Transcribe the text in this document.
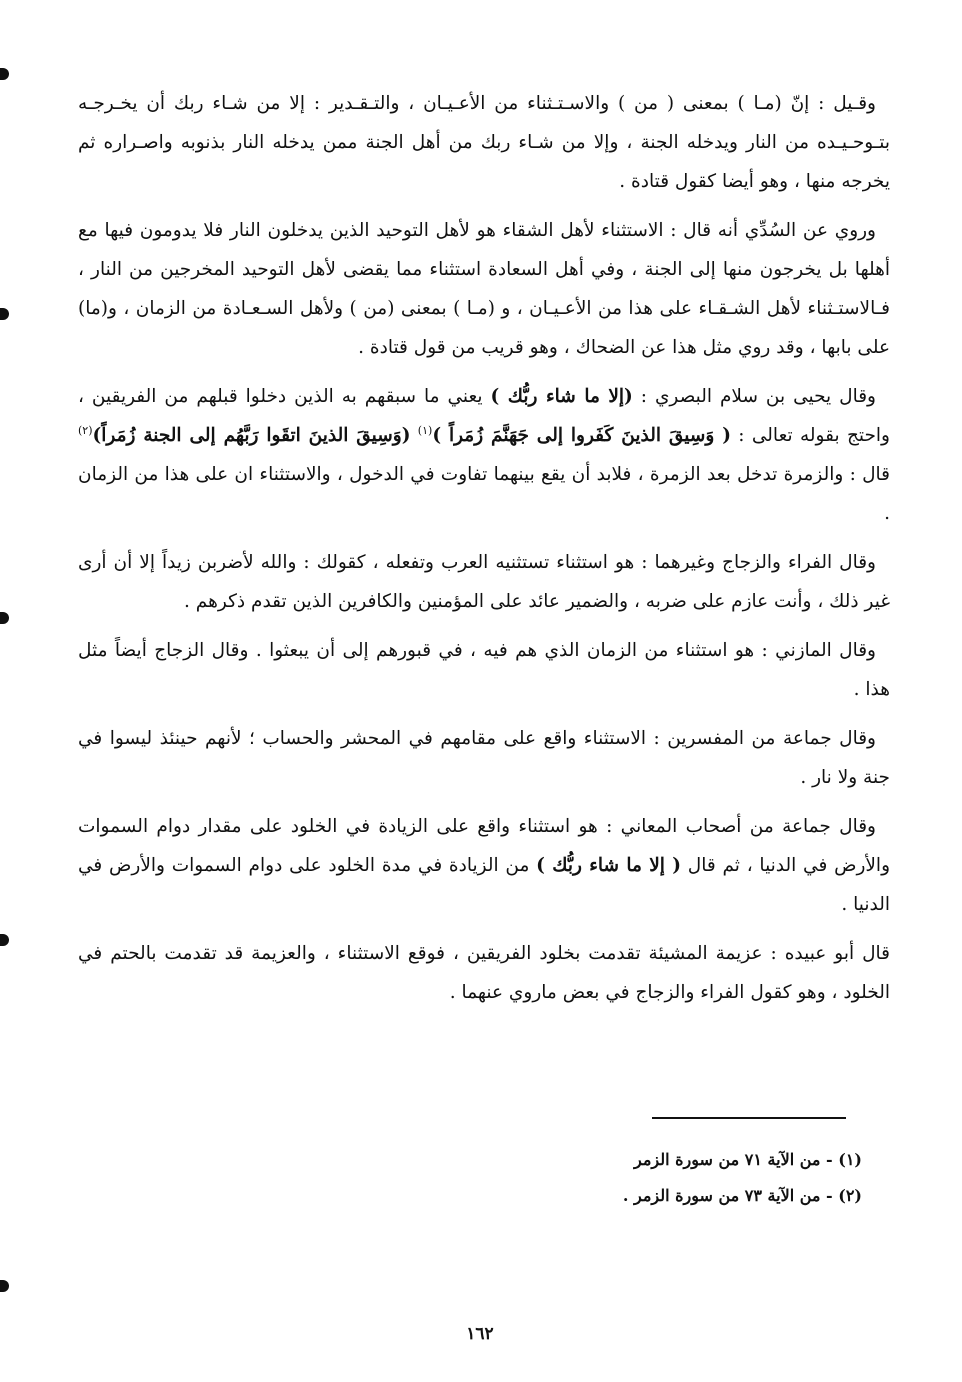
وقـيل : إنّ (مـا ) بمعنى ( من ) والاسـتـثناء من الأعـيـان ، والتـقـدير : إلا من شـاء ربك أن يخـرجـه بتـوحـيـده من النار ويدخله الجنة ، وإلا من شـاء ربك من أهل الجنة ممن يدخله النار بذنوبه واصـراره ثم يخرجه منها ، وهو أيضا كقول قتادة .

وروي عن السُدِّي أنه قال : الاستثناء لأهل الشقاء هو لأهل التوحيد الذين يدخلون النار فلا يدومون فيها مع أهلها بل يخرجون منها إلى الجنة ، وفي أهل السعادة استثناء مما يقضى لأهل التوحيد المخرجين من النار ، فـالاستـثناء لأهل الشـقـاء على هذا من الأعـيـان ، و (مـا ) بمعنى (من ) ولأهل السـعـادة من الزمان ، و(ما) على بابها ، وقد روي مثل هذا عن الضحاك ، وهو قريب من قول قتادة .

وقال يحيى بن سلام البصري : (إلا ما شاء ربُّك ) يعني ما سبقهم به الذين دخلوا قبلهم من الفريقين ، واحتج بقوله تعالى : ( وَسِيقَ الذينَ كَفَروا إلى جَهَنَّمَ زُمَراً )$^{(١)}$ (وَسِيقَ الذينَ اتقَوا رَبَّهُم إلى الجنة زُمَراً)$^{(٢)}$ قال : والزمرة تدخل بعد الزمرة ، فلابد أن يقع بينهما تفاوت في الدخول ، والاستثناء ان على هذا من الزمان .

وقال الفراء والزجاج وغيرهما : هو استثناء تستثنيه العرب وتفعله ، كقولك : والله لأضربن زيداً إلا أن أرى غير ذلك ، وأنت عازم على ضربه ، والضمير عائد على المؤمنين والكافرين الذين تقدم ذكرهم .

وقال المازني : هو استثناء من الزمان الذي هم فيه ، في قبورهم إلى أن يبعثوا . وقال الزجاج أيضاً مثل هذا .

وقال جماعة من المفسرين : الاستثناء واقع على مقامهم في المحشر والحساب ؛ لأنهم حينئذ ليسوا في جنة ولا نار .

وقال جماعة من أصحاب المعاني : هو استثناء واقع على الزيادة في الخلود على مقدار دوام السموات والأرض في الدنيا ، ثم قال ( إلا ما شاء ربُّك ) من الزيادة في مدة الخلود على دوام السموات والأرض في الدنيا .

قال أبو عبيده : عزيمة المشيئة تقدمت بخلود الفريقين ، فوقع الاستثناء ، والعزيمة قد تقدمت بالحتم في الخلود ، وهو كقول الفراء والزجاج في بعض ماروي عنهما .

(١) - من الآية ٧١ من سورة الزمر

(٢) - من الآية ٧٣ من سورة الزمر .

١٦٢
